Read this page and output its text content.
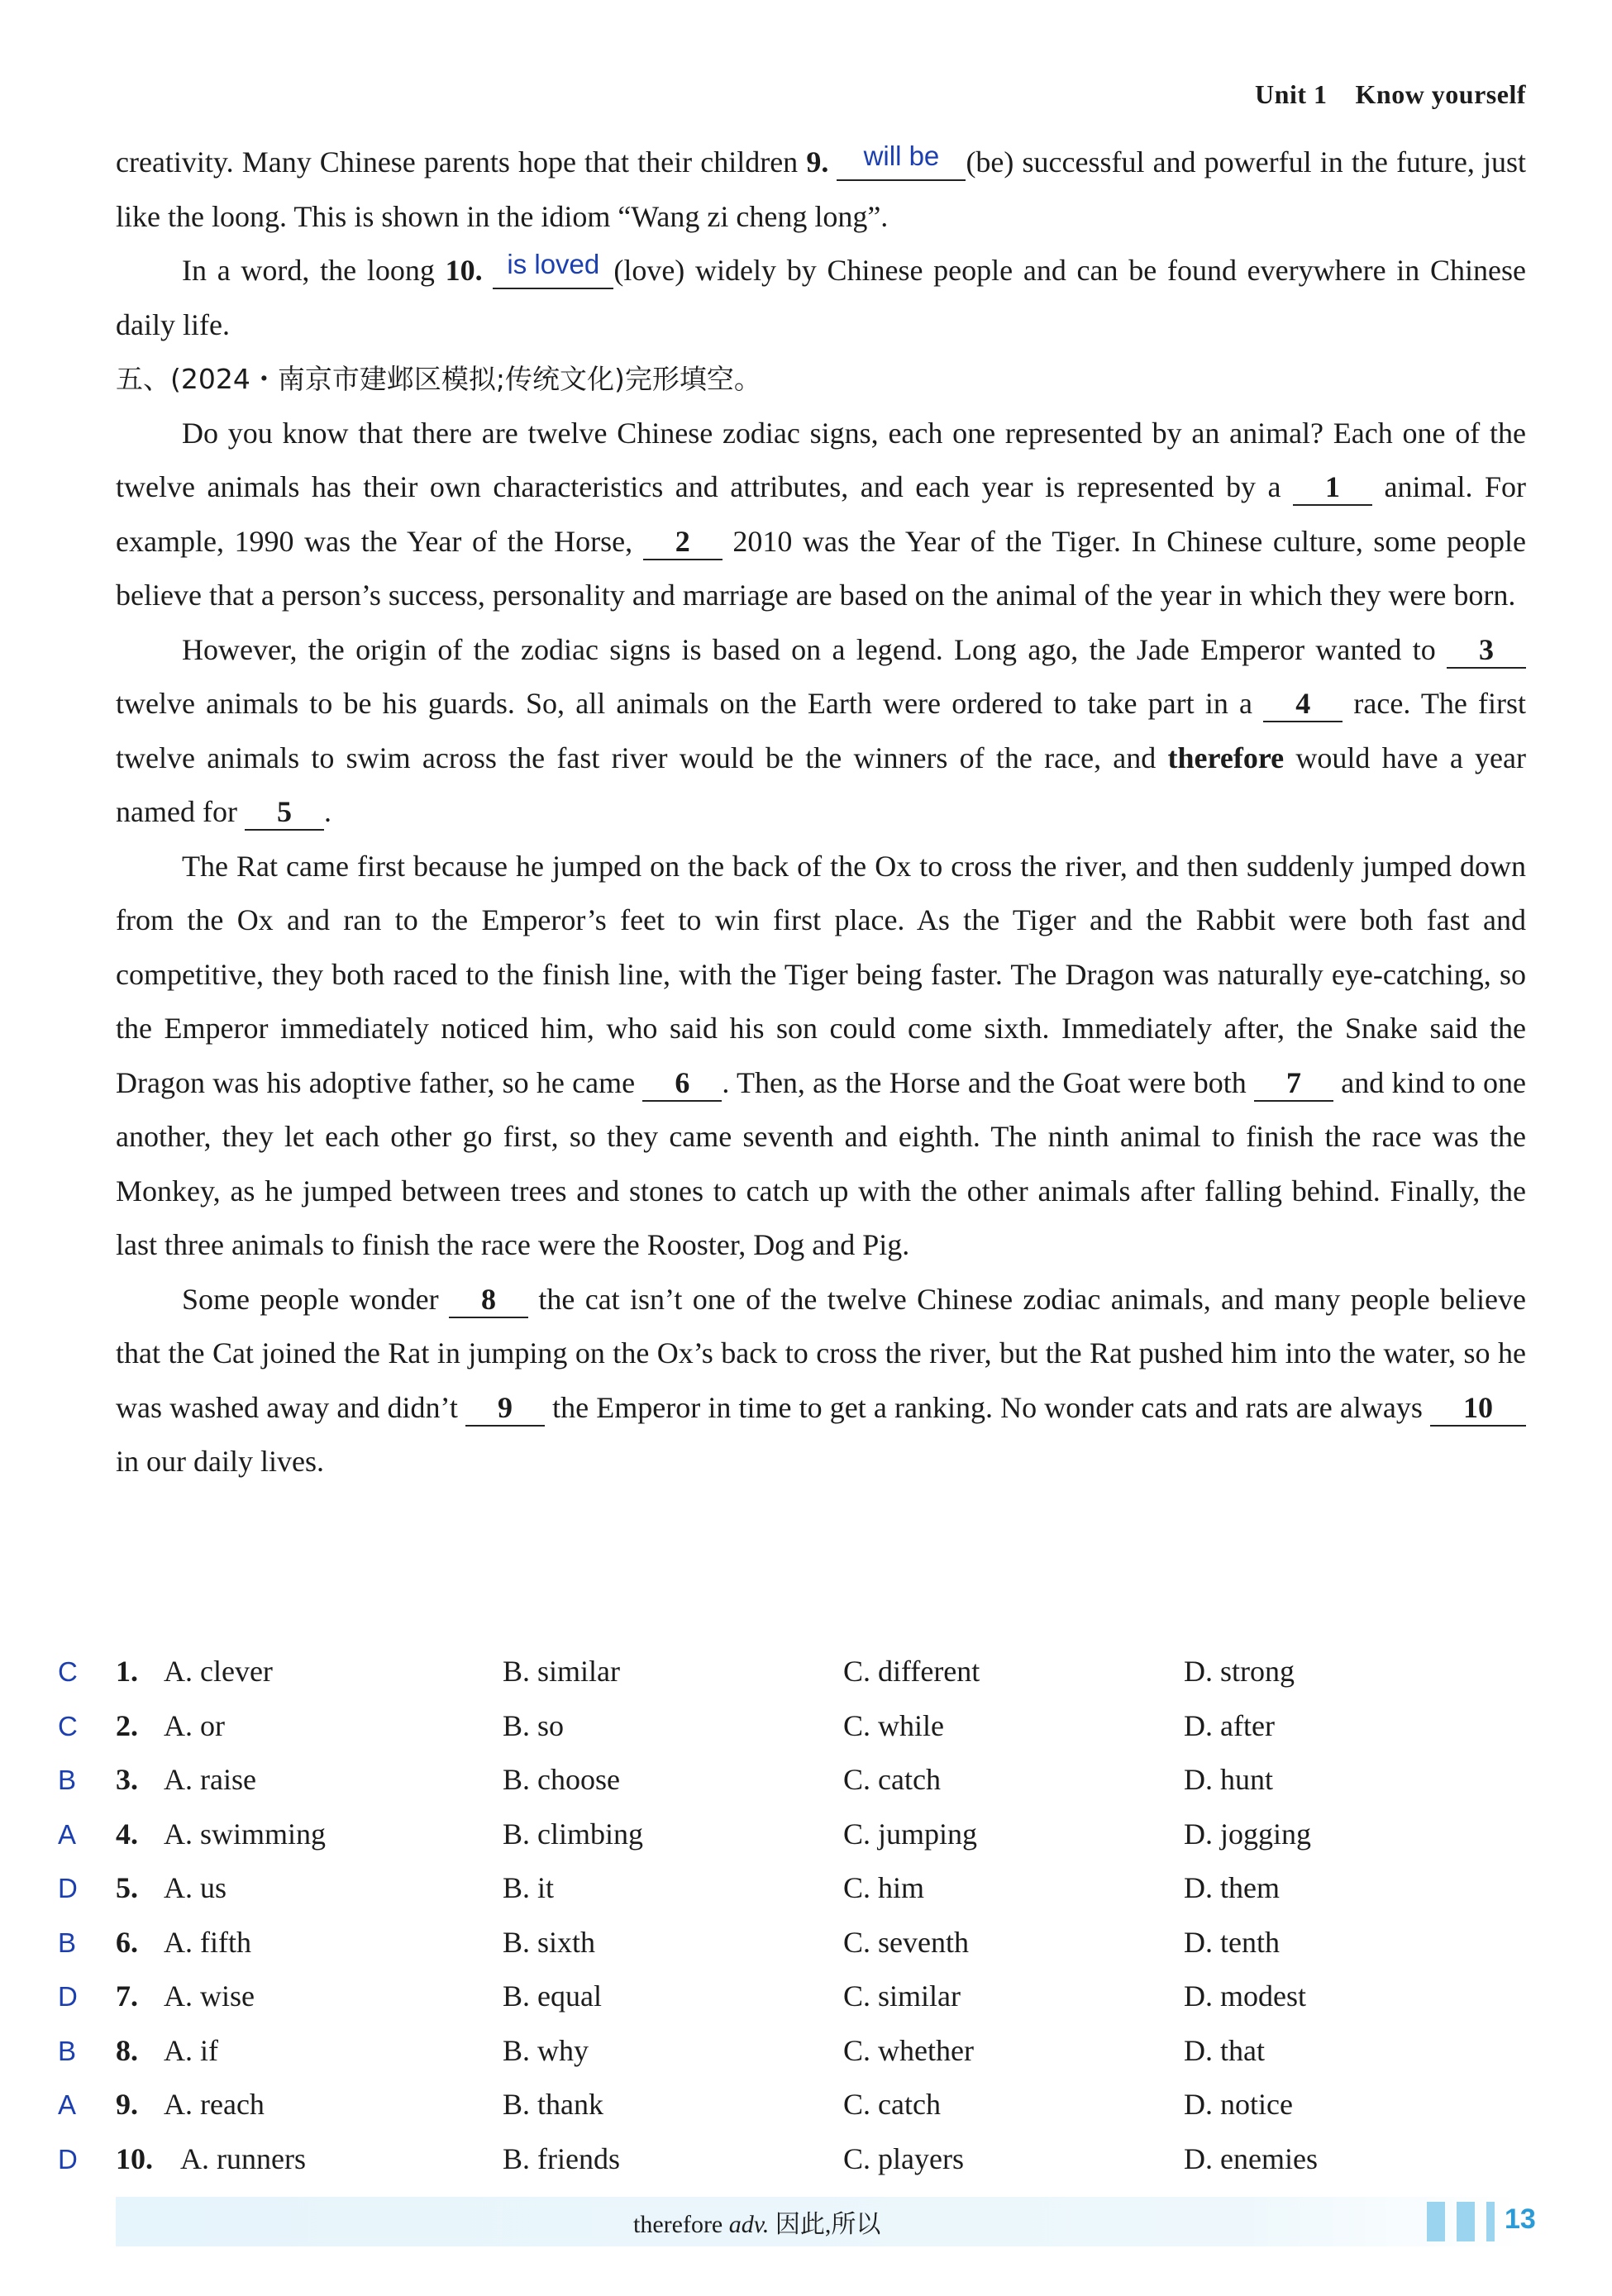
Unit 1 Know yourself

creativity. Many Chinese parents hope that their children 9. will be (be) successful and powerful in the future, just like the loong. This is shown in the idiom “Wang zi cheng long”.

In a word, the loong 10. is loved (love) widely by Chinese people and can be found everywhere in Chinese daily life.

五、(2024・南京市建邺区模拟;传统文化)完形填空。

Do you know that there are twelve Chinese zodiac signs, each one represented by an animal? Each one of the twelve animals has their own characteristics and attributes, and each year is represented by a 1 animal. For example, 1990 was the Year of the Horse, 2 2010 was the Year of the Tiger. In Chinese culture, some people believe that a person’s success, personality and marriage are based on the animal of the year in which they were born.

However, the origin of the zodiac signs is based on a legend. Long ago, the Jade Emperor wanted to 3 twelve animals to be his guards. So, all animals on the Earth were ordered to take part in a 4 race. The first twelve animals to swim across the fast river would be the winners of the race, and therefore would have a year named for 5 .

The Rat came first because he jumped on the back of the Ox to cross the river, and then suddenly jumped down from the Ox and ran to the Emperor’s feet to win first place. As the Tiger and the Rabbit were both fast and competitive, they both raced to the finish line, with the Tiger being faster. The Dragon was naturally eye-catching, so the Emperor immediately noticed him, who said his son could come sixth. Immediately after, the Snake said the Dragon was his adoptive father, so he came 6 . Then, as the Horse and the Goat were both 7 and kind to one another, they let each other go first, so they came seventh and eighth. The ninth animal to finish the race was the Monkey, as he jumped between trees and stones to catch up with the other animals after falling behind. Finally, the last three animals to finish the race were the Rooster, Dog and Pig.

Some people wonder 8 the cat isn’t one of the twelve Chinese zodiac animals, and many people believe that the Cat joined the Rat in jumping on the Ox’s back to cross the river, but the Rat pushed him into the water, so he was washed away and didn’t 9 the Emperor in time to get a ranking. No wonder cats and rats are always 10 in our daily lives.

C 1. A. clever	B. similar	C. different	D. strong
C 2. A. or	B. so	C. while	D. after
B 3. A. raise	B. choose	C. catch	D. hunt
A 4. A. swimming	B. climbing	C. jumping	D. jogging
D 5. A. us	B. it	C. him	D. them
B 6. A. fifth	B. sixth	C. seventh	D. tenth
D 7. A. wise	B. equal	C. similar	D. modest
B 8. A. if	B. why	C. whether	D. that
A 9. A. reach	B. thank	C. catch	D. notice
D 10. A. runners	B. friends	C. players	D. enemies
therefore adv. 因此,所以	13
